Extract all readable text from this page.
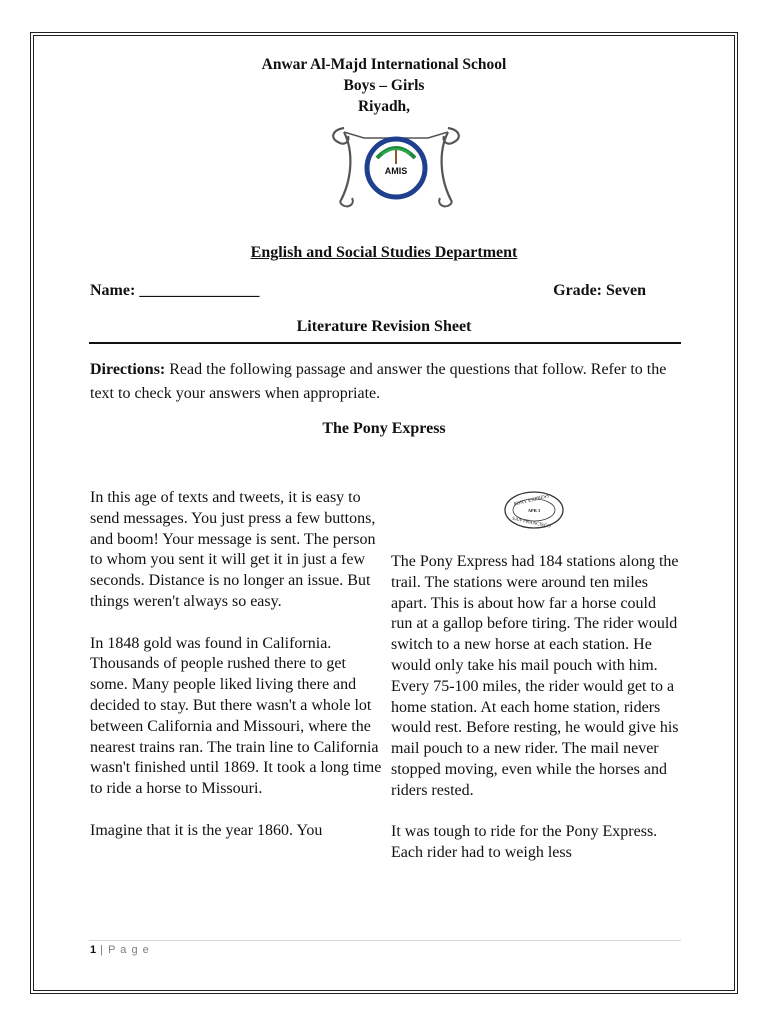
Anwar Al-Majd International School
Boys – Girls
Riyadh,
AMIS
English and Social Studies Department
Name: _______________	Grade: Seven
Literature Revision Sheet
Directions: Read the following passage and answer the questions that follow. Refer to the text to check your answers when appropriate.
The Pony Express

In this age of texts and tweets, it is easy to send messages. You just press a few buttons, and boom! Your message is sent. The person to whom you sent it will get it in just a few seconds. Distance is no longer an issue. But things weren't always so easy.

In 1848 gold was found in California. Thousands of people rushed there to get some. Many people liked living there and decided to stay. But there wasn't a whole lot between California and Missouri, where the nearest trains ran. The train line to California wasn't finished until 1869. It took a long time to ride a horse to Missouri.

Imagine that it is the year 1860. You

PONY EXPRESS
APR 3
SAN FRANCISCO

The Pony Express had 184 stations along the trail. The stations were around ten miles apart. This is about how far a horse could run at a gallop before tiring. The rider would switch to a new horse at each station. He would only take his mail pouch with him. Every 75-100 miles, the rider would get to a home station. At each home station, riders would rest. Before resting, he would give his mail pouch to a new rider. The mail never stopped moving, even while the horses and riders rested.

It was tough to ride for the Pony Express. Each rider had to weigh less

1 | P a g e
